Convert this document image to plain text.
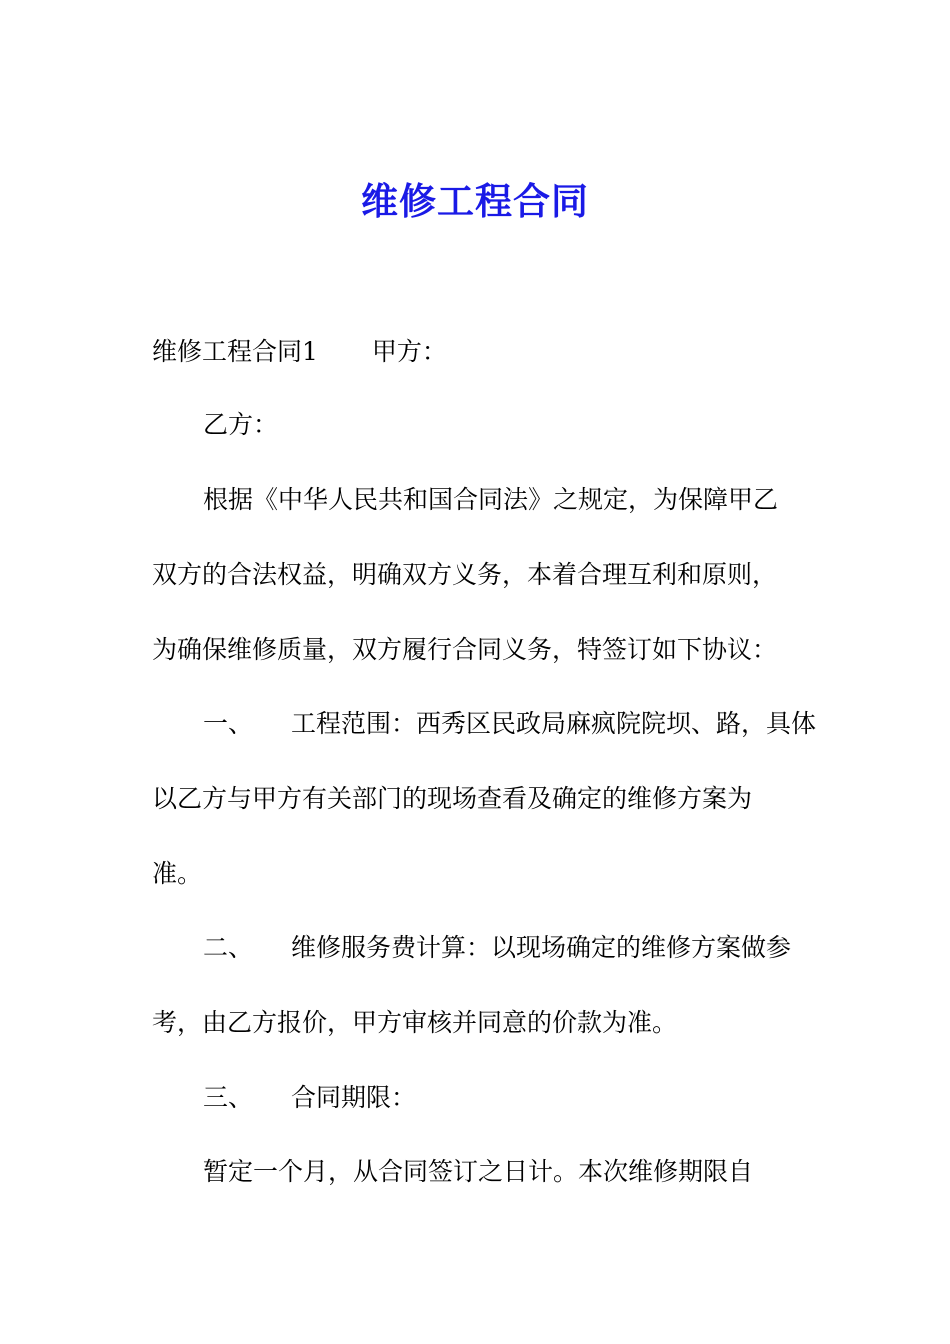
维修工程合同

维修工程合同1 甲方：

乙方：

根据《中华人民共和国合同法》之规定，为保障甲乙

双方的合法权益，明确双方义务，本着合理互利和原则，

为确保维修质量，双方履行合同义务，特签订如下协议：

一、 工程范围：西秀区民政局麻疯院院坝、路，具体

以乙方与甲方有关部门的现场查看及确定的维修方案为

准。

二、 维修服务费计算：以现场确定的维修方案做参

考，由乙方报价，甲方审核并同意的价款为准。

三、 合同期限：

暂定一个月，从合同签订之日计。本次维修期限自
